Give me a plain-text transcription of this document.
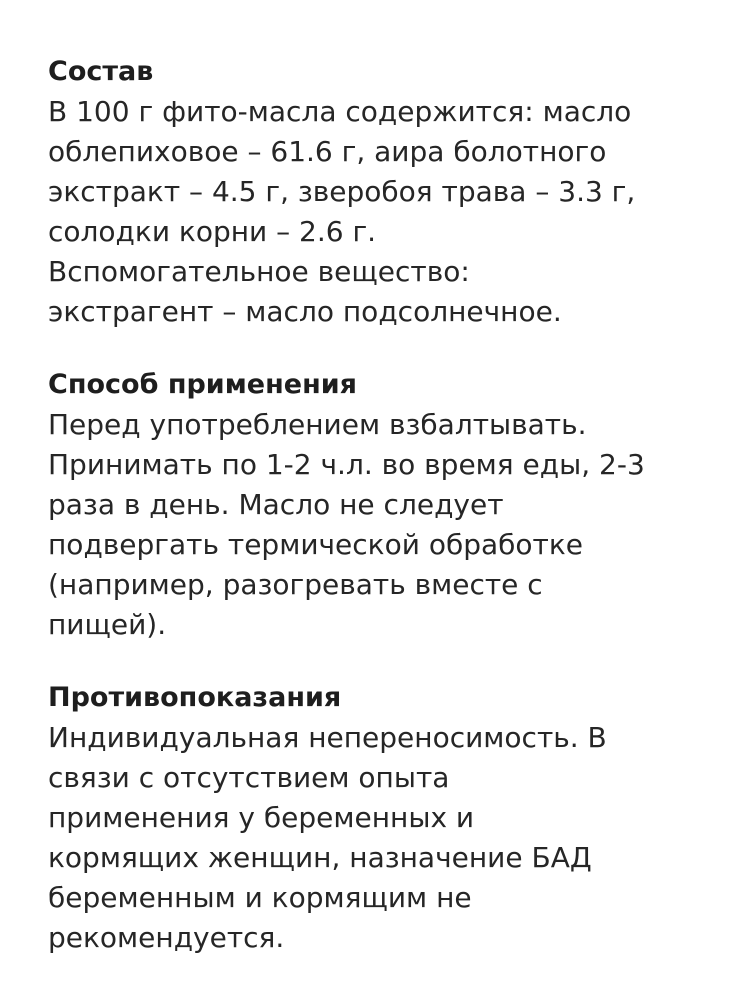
Состав
В 100 г фито-масла содержится: масло
облепиховое – 61.6 г, аира болотного
экстракт – 4.5 г, зверобоя трава – 3.3 г,
солодки корни – 2.6 г.
Вспомогательное вещество:
экстрагент – масло подсолнечное.
Способ применения
Перед употреблением взбалтывать.
Принимать по 1-2 ч.л. во время еды, 2-3
раза в день. Масло не следует
подвергать термической обработке
(например, разогревать вместе с
пищей).
Противопоказания
Индивидуальная непереносимость. В
связи с отсутствием опыта
применения у беременных и
кормящих женщин, назначение БАД
беременным и кормящим не
рекомендуется.
